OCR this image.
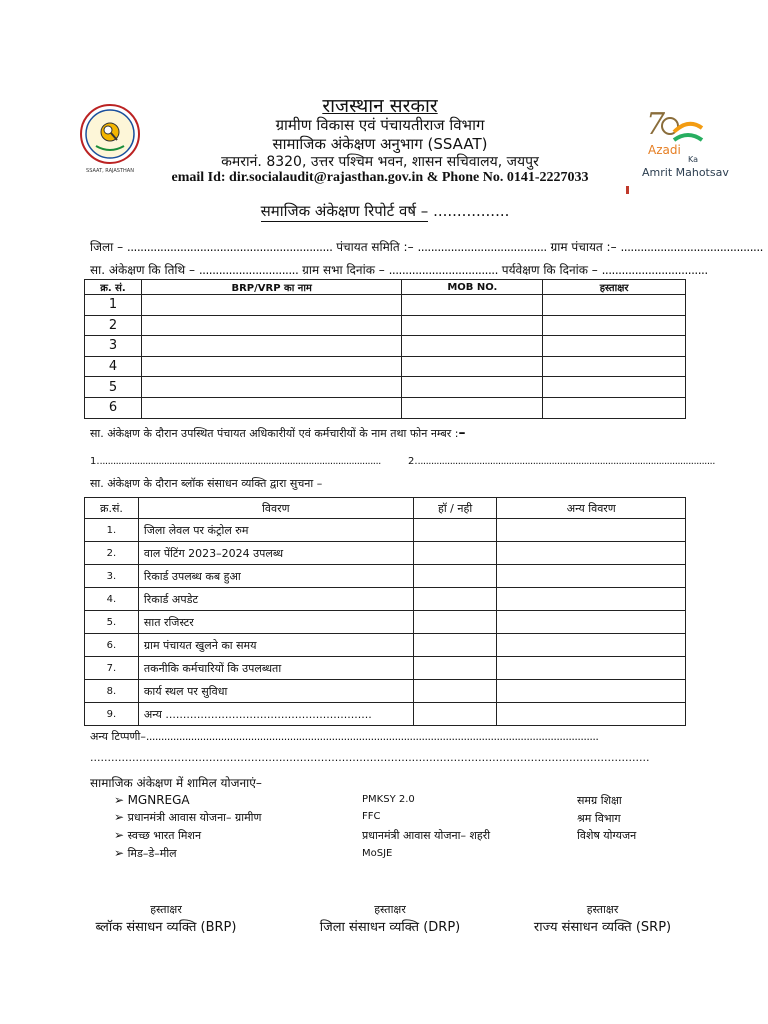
SSAAT, RAJASTHAN
7
Azadi
Ka
Amrit Mahotsav
राजस्थान सरकार
ग्रामीण विकास एवं पंचायतीराज विभाग
सामाजिक अंकेक्षण अनुभाग (SSAAT)
कमरानं. 8320, उत्तर पश्चिम भवन, शासन सचिवालय, जयपुर
email Id: dir.socialaudit@rajasthan.gov.in & Phone No. 0141-2227033
समाजिक अंकेक्षण रिपोर्ट वर्ष – ................
जिला – .............................................................. पंचायत समिति :– ....................................... ग्राम पंचायत :– ...........................................
सा. अंकेक्षण कि तिथि – .............................. ग्राम सभा दिनांक – ................................. पर्यवेक्षण कि दिनांक – ................................
क्र. सं.	BRP/VRP का नाम	MOB NO.	हस्ताक्षर
1			
2			
3			
4			
5			
6			
सा. अंकेक्षण के दौरान उपस्थित पंचायत अधिकारीयों एवं कर्मचारीयों के नाम तथा फोन नम्बर :–
1..........................................................................................................	2................................................................................................................
सा. अंकेक्षण के दौरान ब्लॉक संसाधन व्यक्ति द्वारा सुचना –
क्र.सं.	विवरण	हॉ / नही	अन्य विवरण
1.	जिला लेवल पर कंट्रोल रुम		
2.	वाल पेंटिंग 2023–2024 उपलब्ध		
3.	रिकार्ड उपलब्ध कब हुआ		
4.	रिकार्ड अपडेट		
5.	सात रजिस्टर		
6.	ग्राम पंचायत खुलने का समय		
7.	तकनीकि कर्मचारियों कि उपलब्धता		
8.	कार्य स्थल पर सुविधा		
9.	अन्य ...........................................................		
अन्य टिप्पणी–.......................................................................................................................................................
................................................................................................................................................................
सामाजिक अंकेक्षण में शामिल योजनाएं–
➢ MGNREGA
➢ प्रधानमंत्री आवास योजना– ग्रामीण
➢ स्वच्छ भारत मिशन
➢ मिड–डे–मील
PMKSY 2.0
FFC
प्रधानमंत्री आवास योजना– शहरी
MoSJE
समग्र शिक्षा
श्रम विभाग
विशेष योग्यजन
हस्ताक्षर
ब्लॉक संसाधन व्यक्ति (BRP)
हस्ताक्षर
जिला संसाधन व्यक्ति (DRP)
हस्ताक्षर
राज्य संसाधन व्यक्ति (SRP)
